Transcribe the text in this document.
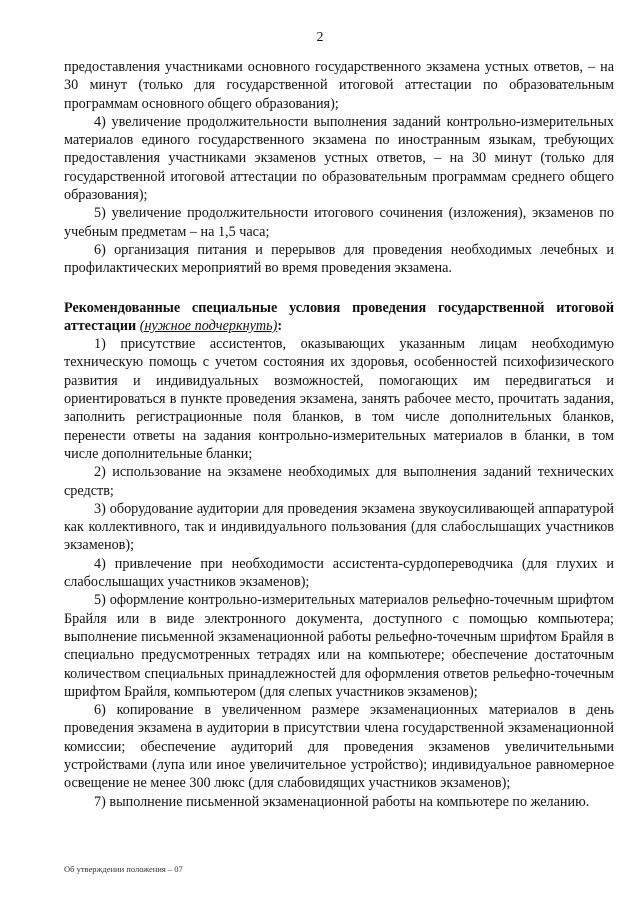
2

предоставления участниками основного государственного экзамена устных ответов, – на 30 минут (только для государственной итоговой аттестации по образовательным программам основного общего образования);

4) увеличение продолжительности выполнения заданий контрольно-измерительных материалов единого государственного экзамена по иностранным языкам, требующих предоставления участниками экзаменов устных ответов, – на 30 минут (только для государственной итоговой аттестации по образовательным программам среднего общего образования);

5) увеличение продолжительности итогового сочинения (изложения), экзаменов по учебным предметам – на 1,5 часа;

6) организация питания и перерывов для проведения необходимых лечебных и профилактических мероприятий во время проведения экзамена.

Рекомендованные специальные условия проведения государственной итоговой аттестации (нужное подчеркнуть):

1) присутствие ассистентов, оказывающих указанным лицам необходимую техническую помощь с учетом состояния их здоровья, особенностей психофизического развития и индивидуальных возможностей, помогающих им передвигаться и ориентироваться в пункте проведения экзамена, занять рабочее место, прочитать задания, заполнить регистрационные поля бланков, в том числе дополнительных бланков, перенести ответы на задания контрольно-измерительных материалов в бланки, в том числе дополнительные бланки;

2) использование на экзамене необходимых для выполнения заданий технических средств;

3) оборудование аудитории для проведения экзамена звукоусиливающей аппаратурой как коллективного, так и индивидуального пользования (для слабослышащих участников экзаменов);

4) привлечение при необходимости ассистента-сурдопереводчика (для глухих и слабослышащих участников экзаменов);

5) оформление контрольно-измерительных материалов рельефно-точечным шрифтом Брайля или в виде электронного документа, доступного с помощью компьютера; выполнение письменной экзаменационной работы рельефно-точечным шрифтом Брайля в специально предусмотренных тетрадях или на компьютере; обеспечение достаточным количеством специальных принадлежностей для оформления ответов рельефно-точечным шрифтом Брайля, компьютером (для слепых участников экзаменов);

6) копирование в увеличенном размере экзаменационных материалов в день проведения экзамена в аудитории в присутствии члена государственной экзаменационной комиссии; обеспечение аудиторий для проведения экзаменов увеличительными устройствами (лупа или иное увеличительное устройство); индивидуальное равномерное освещение не менее 300 люкс (для слабовидящих участников экзаменов);

7) выполнение письменной экзаменационной работы на компьютере по желанию.

Об утверждении положения – 07
